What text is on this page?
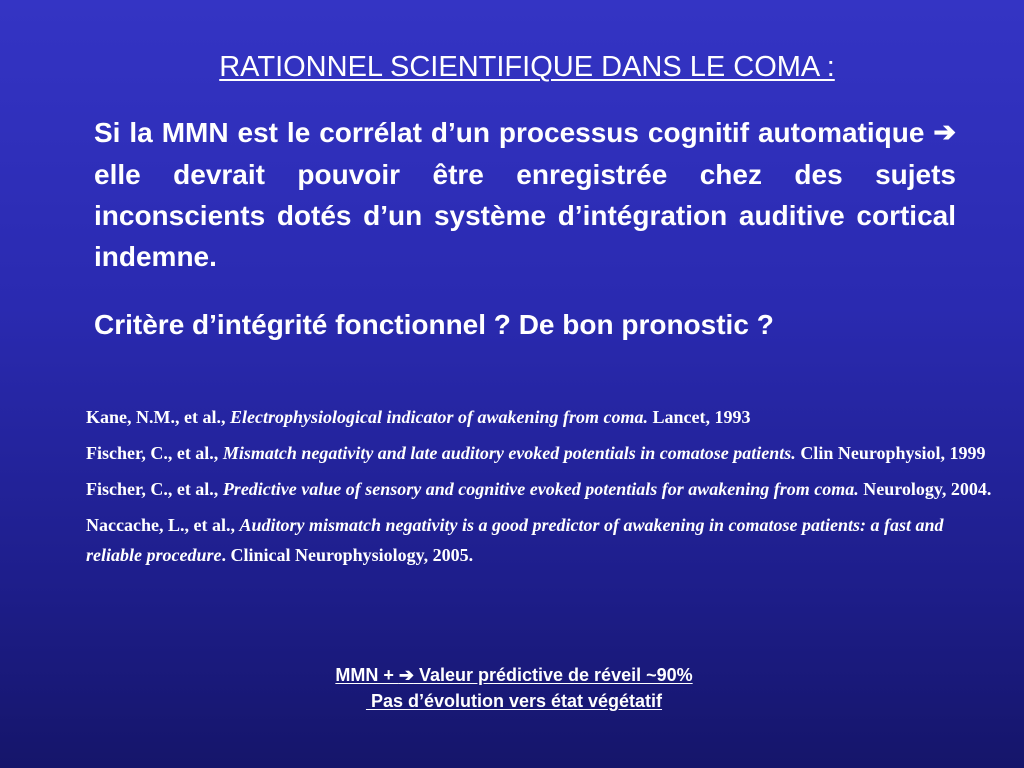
RATIONNEL SCIENTIFIQUE DANS LE COMA :
Si la MMN est le corrélat d’un processus cognitif automatique ➔ elle devrait pouvoir être enregistrée chez des sujets inconscients dotés d’un système d’intégration auditive cortical indemne.
Critère d’intégrité fonctionnel ? De bon pronostic ?
Kane, N.M., et al., Electrophysiological indicator of awakening from coma. Lancet, 1993
Fischer, C., et al., Mismatch negativity and late auditory evoked potentials in comatose patients. Clin Neurophysiol, 1999
Fischer, C., et al., Predictive value of sensory and cognitive evoked potentials for awakening from coma. Neurology, 2004.
Naccache, L., et al., Auditory mismatch negativity is a good predictor of awakening in comatose patients: a fast and reliable procedure. Clinical Neurophysiology, 2005.
MMN + ➔ Valeur prédictive de réveil ~90%
Pas d’évolution vers état végétatif
